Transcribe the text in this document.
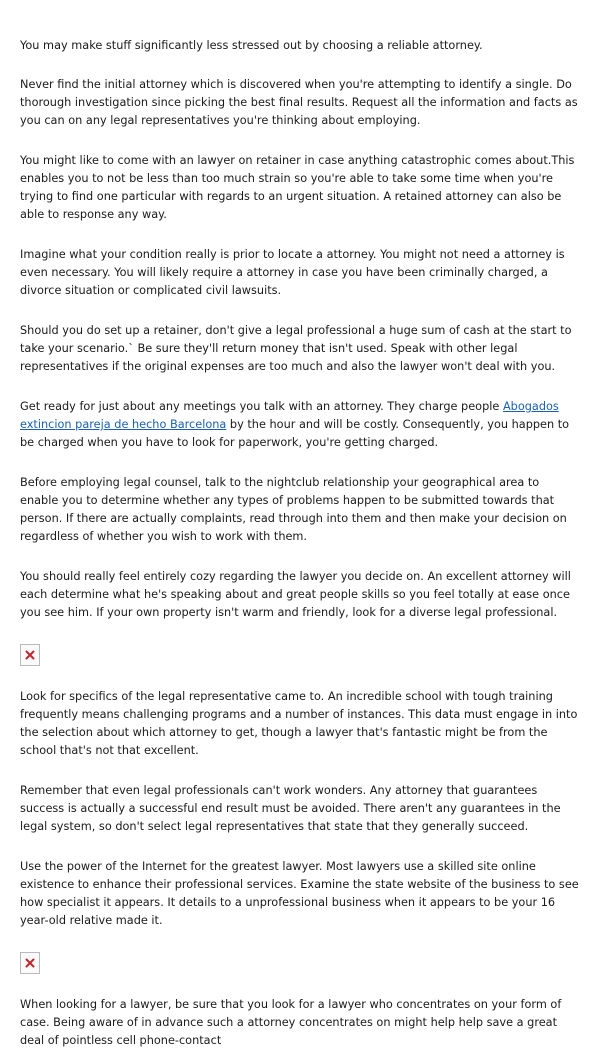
You may make stuff significantly less stressed out by choosing a reliable attorney.

Never find the initial attorney which is discovered when you're attempting to identify a single. Do thorough investigation since picking the best final results. Request all the information and facts as you can on any legal representatives you're thinking about employing.

You might like to come with an lawyer on retainer in case anything catastrophic comes about.This enables you to not be less than too much strain so you're able to take some time when you're trying to find one particular with regards to an urgent situation. A retained attorney can also be able to response any way.

Imagine what your condition really is prior to locate a attorney. You might not need a attorney is even necessary. You will likely require a attorney in case you have been criminally charged, a divorce situation or complicated civil lawsuits.

Should you do set up a retainer, don't give a legal professional a huge sum of cash at the start to take your scenario.` Be sure they'll return money that isn't used. Speak with other legal representatives if the original expenses are too much and also the lawyer won't deal with you.

Get ready for just about any meetings you talk with an attorney. They charge people Abogados extincion pareja de hecho Barcelona by the hour and will be costly. Consequently, you happen to be charged when you have to look for paperwork, you're getting charged.

Before employing legal counsel, talk to the nightclub relationship your geographical area to enable you to determine whether any types of problems happen to be submitted towards that person. If there are actually complaints, read through into them and then make your decision on regardless of whether you wish to work with them.

You should really feel entirely cozy regarding the lawyer you decide on. An excellent attorney will each determine what he's speaking about and great people skills so you feel totally at ease once you see him. If your own property isn't warm and friendly, look for a diverse legal professional.

Look for specifics of the legal representative came to. An incredible school with tough training frequently means challenging programs and a number of instances. This data must engage in into the selection about which attorney to get, though a lawyer that's fantastic might be from the school that's not that excellent.

Remember that even legal professionals can't work wonders. Any attorney that guarantees success is actually a successful end result must be avoided. There aren't any guarantees in the legal system, so don't select legal representatives that state that they generally succeed.

Use the power of the Internet for the greatest lawyer. Most lawyers use a skilled site online existence to enhance their professional services. Examine the state website of the business to see how specialist it appears. It details to a unprofessional business when it appears to be your 16 year-old relative made it.

When looking for a lawyer, be sure that you look for a lawyer who concentrates on your form of case. Being aware of in advance such a attorney concentrates on might help help save a great deal of pointless cell phone-contact
